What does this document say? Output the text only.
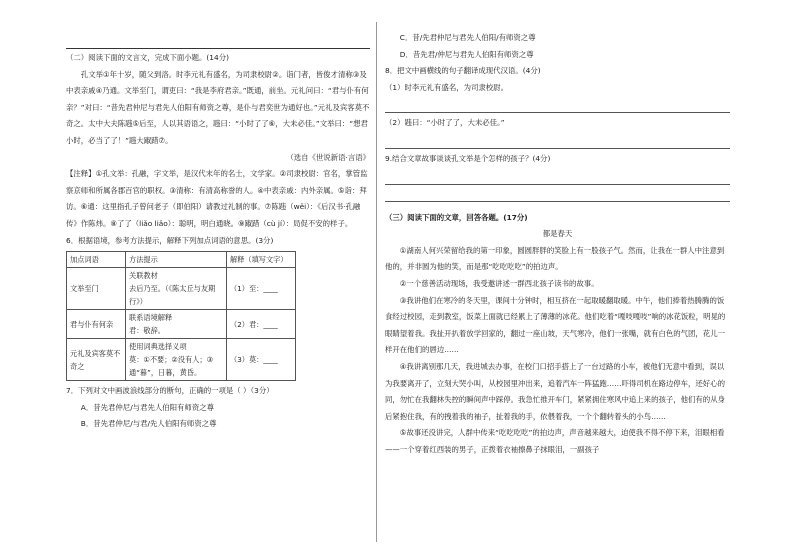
（二）阅读下面的文言文，完成下面小题。(14分)

孔文举①年十岁，随父到洛。时李元礼有盛名，为司隶校尉②。诣门者，皆俊才清称③及中表亲戚④乃通。文举至门，谓吏曰：“我是李府君亲。”既通，前坐。元礼问曰：“君与仆有何亲？”对曰：“昔先君仲尼与君先人伯阳有师资之尊，是仆与君奕世为通好也。”元礼及宾客莫不奇之。太中大夫陈韪⑤后至，人以其语语之，韪曰：“小时了了⑥，大未必佳。”文举曰：“想君小时，必当了了！”韪大踧踖⑦。

（选自《世说新语·言语》

【注释】①孔文举：孔融，字文举，是汉代末年的名士，文学家。②司隶校尉：官名，掌管监察京师和所属各郡百官的职权。③清称：有清高称誉的人。④中表亲戚：内外亲属。⑤诣：拜访。⑥通：这里指孔子曾问老子（即伯阳）请教过礼制的事。⑦陈韪（wěi）：《后汉书·孔融传》作陈炜。⑧了了（liǎo liǎo）：聪明，明白通晓。⑨踧踖（cù jí）：局促不安的样子。

6．根据语境，参考方法提示，解释下列加点词语的意思。(3分)

加点词语	方法提示	解释（填写文字）
文举至门	关联教材
去后乃至。（《陈太丘与友期行》）	（1）至：____
君与仆有何亲	联系语境解释
君：敬辞。	（2）君：____
元礼及宾客莫不奇之	使用词典选择义项
莫：①不要；②没有人；③通“暮”，日暮，黄昏。	（3）莫：____

7．下列对文中画波浪线部分的断句，正确的一项是（ ）（3分）

A．昔先君仲尼/与君先人伯阳有师资之尊

B．昔先君仲尼/与君/先人伯阳有师资之尊

C．昔/先君仲尼与君先人伯阳/有师资之尊

D．昔先君/仲尼与君先人伯阳有师资之尊

8．把文中画横线的句子翻译成现代汉语。(4分)

（1）时李元礼有盛名，为司隶校尉。

（2）韪曰：“小时了了，大未必佳。”

9.结合文章故事谈谈孔文举是个怎样的孩子？(4分)

（三）阅读下面的文章，回答各题。(17分)

都是春天

①湖南人何兴荣留给我的第一印象，圆圆胖胖的笑脸上有一股孩子气。然而，让我在一群人中注意到他的，并非圆为他的笑，而是那“吃吃吃吃”的拍边声。

②一个慈善活动现场，我受邀讲述一群西北孩子读书的故事。

③我讲他们在寒冷的冬天里，课间十分钟时，相互挤在一起取暖翻取暖。中午，他们捧着热腾腾的饭食经过校园，走到教室，饭菜上面就已经累上了薄薄的冰花。他们吃着“嘎吱嘎吱”响的冰花饭粒，明晃的眼睛望着我。我扯开扒着放学回家的，翻过一座山坡，天气寒冷，他们一张嘴，就有白色的气团，花儿一样开在他们的唇边……

④我讲离别那几天，我进城去办事，在校门口招手搭上了一台过路的小车，被他们无意中看到，误以为我要离开了，立刻大哭小叫，从校园里冲出来，追着汽车一阵猛跑……吓得司机在路边停车，还好心的同，勿忙在我翻林失控的瞬间声中踩停。我急忙推开车门，紧紧拥住寒风中追上来的孩子，他们有的从身后紧抱住我，有的拽着我的袖子，扯着我的手，依偎着我，一个个翻转着头的小鸟……

⑤故事还没讲完，人群中传来“吃吃吃吃”的拍边声，声音越来越大，迫使我不得不停下来，泪眼相看——一个穿着红西装的男子，正拨着衣袖擦鼻子抹眼泪，一副孩子
